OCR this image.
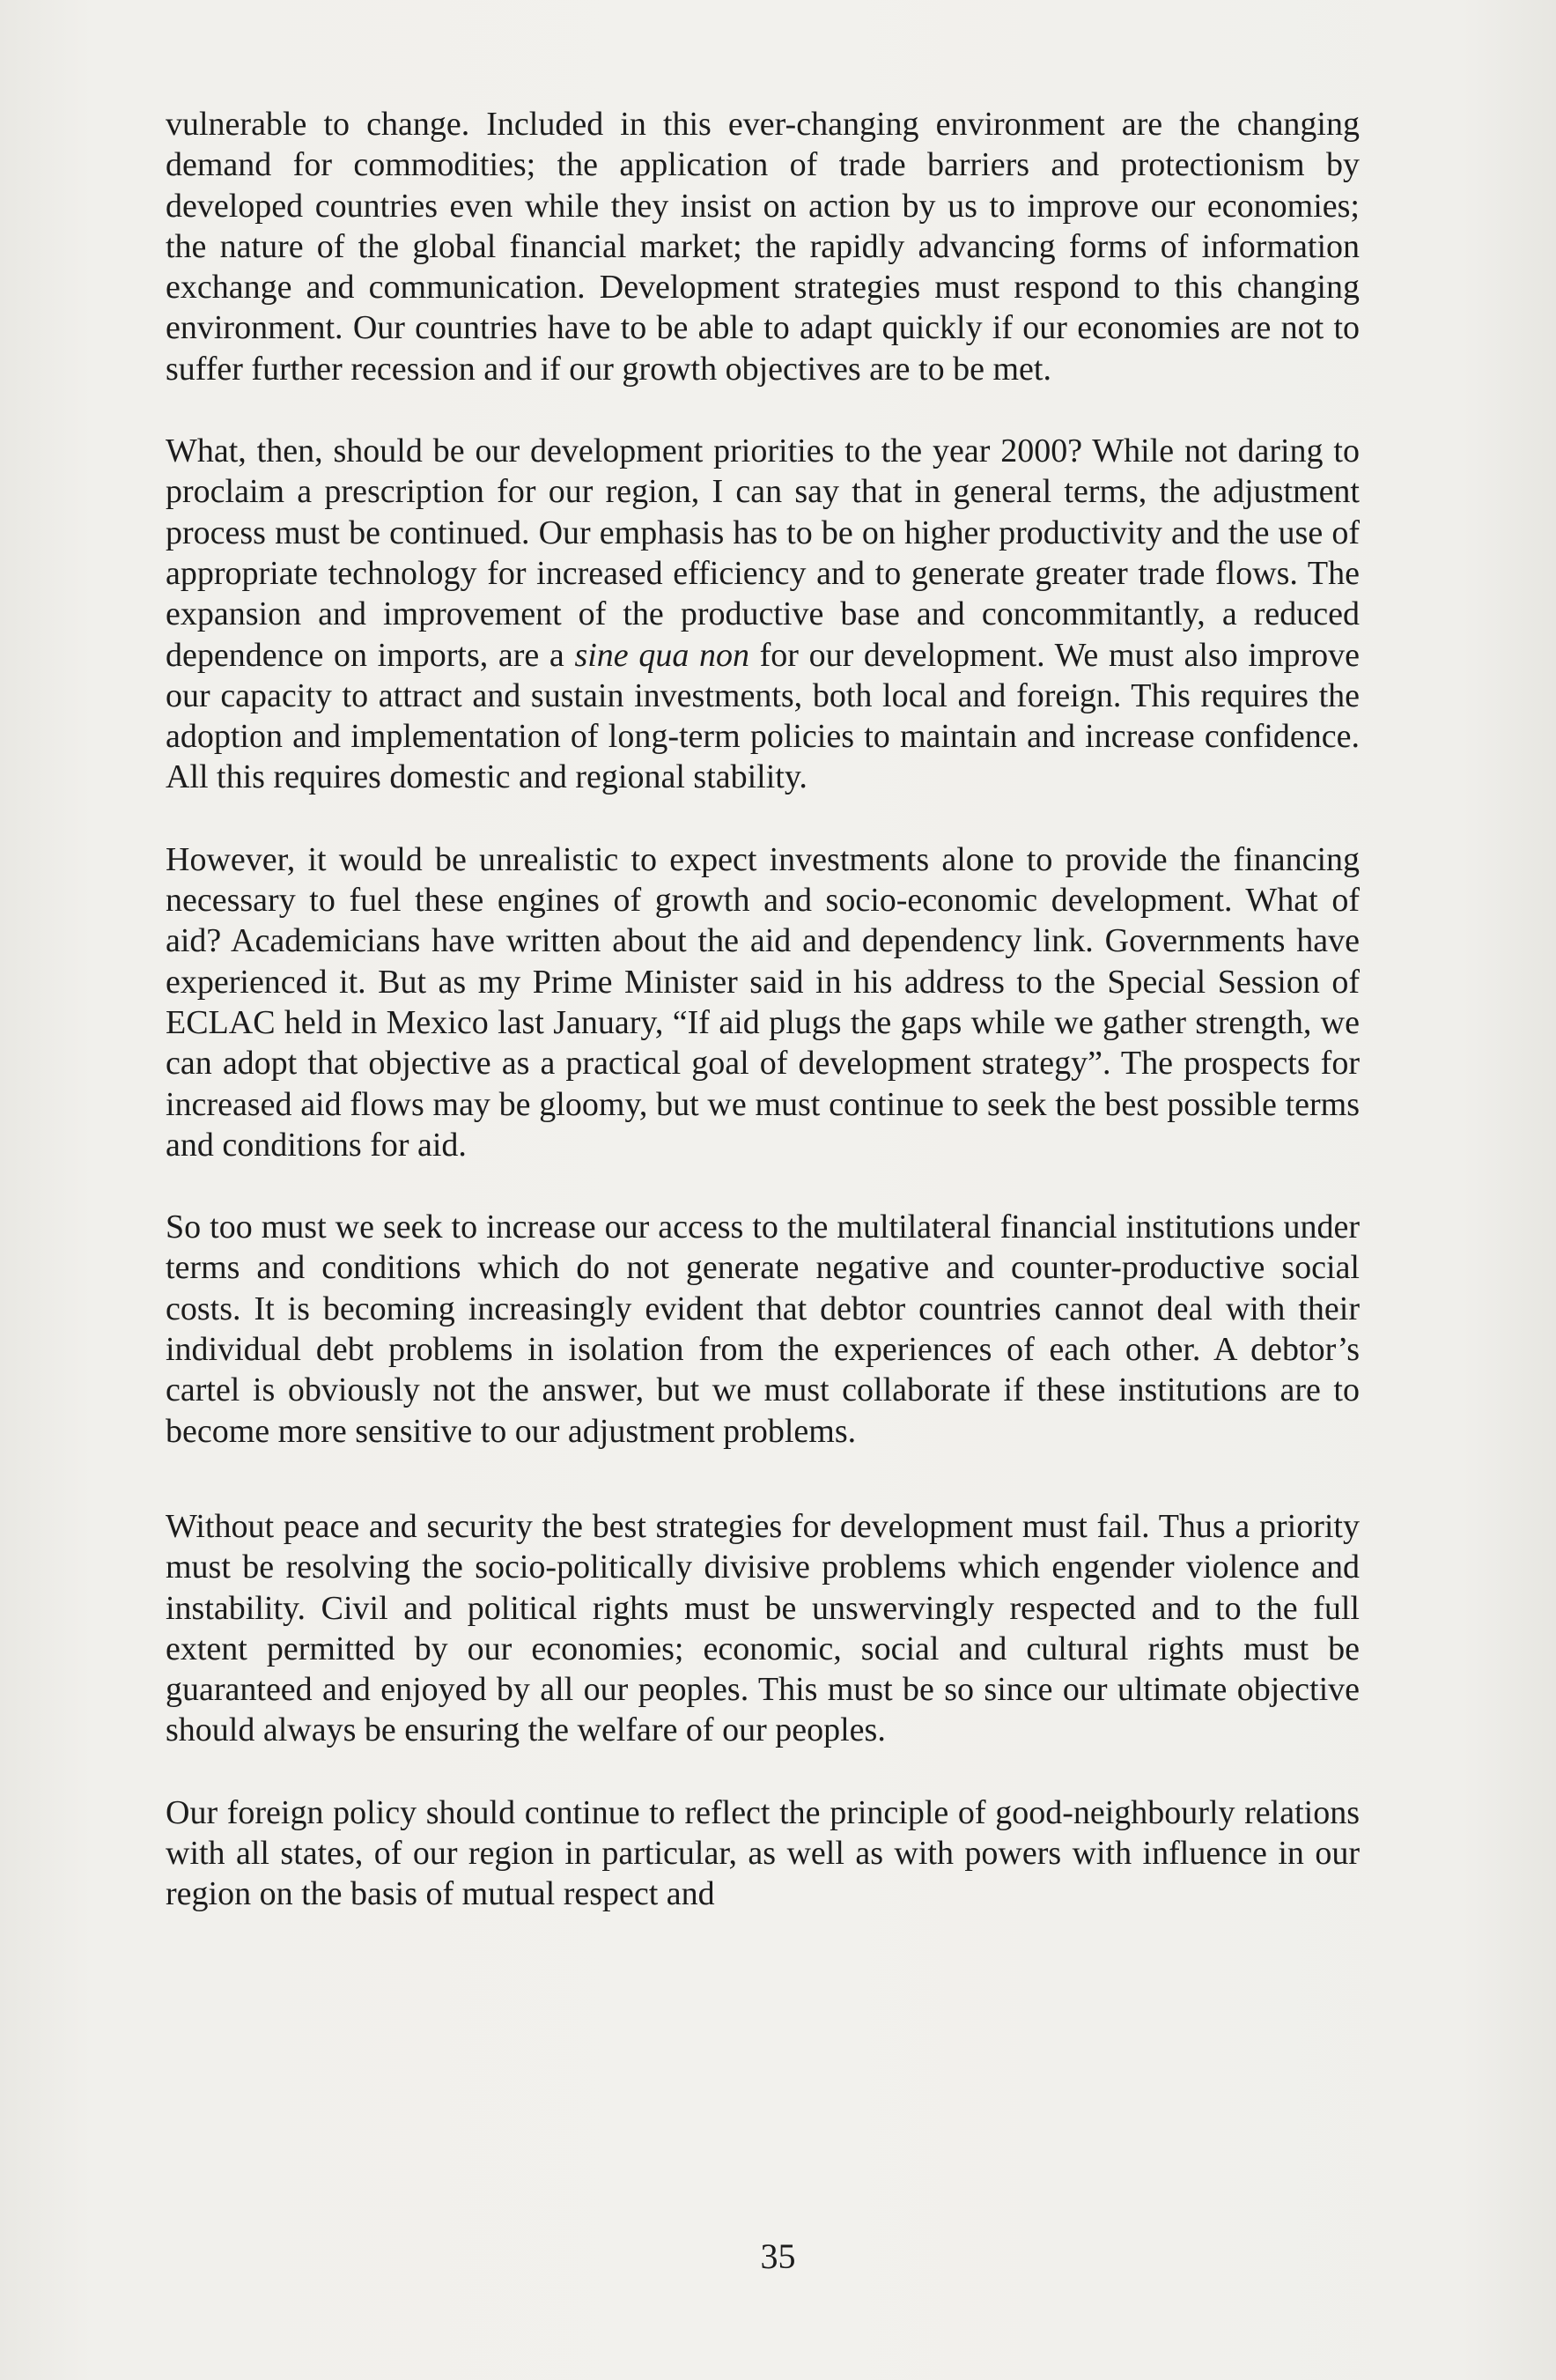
vulnerable to change. Included in this ever-changing environment are the changing demand for commodities; the application of trade barriers and protectionism by developed countries even while they insist on action by us to improve our economies; the nature of the global financial market; the rapidly advancing forms of information exchange and communication. Development strategies must respond to this changing environment. Our countries have to be able to adapt quickly if our economies are not to suffer further recession and if our growth objectives are to be met.

What, then, should be our development priorities to the year 2000? While not daring to proclaim a prescription for our region, I can say that in general terms, the adjustment process must be continued. Our emphasis has to be on higher productivity and the use of appropriate technology for increased efficiency and to generate greater trade flows. The expansion and improvement of the productive base and concommitantly, a reduced dependence on imports, are a sine qua non for our development. We must also improve our capacity to attract and sustain investments, both local and foreign. This requires the adoption and implementation of long-term policies to maintain and increase confidence. All this requires domestic and regional stability.

However, it would be unrealistic to expect investments alone to provide the financing necessary to fuel these engines of growth and socio-economic development. What of aid? Academicians have written about the aid and dependency link. Governments have experienced it. But as my Prime Minister said in his address to the Special Session of ECLAC held in Mexico last January, “If aid plugs the gaps while we gather strength, we can adopt that objective as a practical goal of development strategy”. The prospects for increased aid flows may be gloomy, but we must continue to seek the best possible terms and conditions for aid.

So too must we seek to increase our access to the multilateral financial institutions under terms and conditions which do not generate negative and counter-productive social costs. It is becoming increasingly evident that debtor countries cannot deal with their individual debt problems in isolation from the experiences of each other. A debtor’s cartel is obviously not the answer, but we must collaborate if these institutions are to become more sensitive to our adjustment problems.

Without peace and security the best strategies for development must fail. Thus a priority must be resolving the socio-politically divisive problems which engender violence and instability. Civil and political rights must be unswervingly respected and to the full extent permitted by our economies; economic, social and cultural rights must be guaranteed and enjoyed by all our peoples. This must be so since our ultimate objective should always be ensuring the welfare of our peoples.

Our foreign policy should continue to reflect the principle of good-neighbourly relations with all states, of our region in particular, as well as with powers with influence in our region on the basis of mutual respect and

35
